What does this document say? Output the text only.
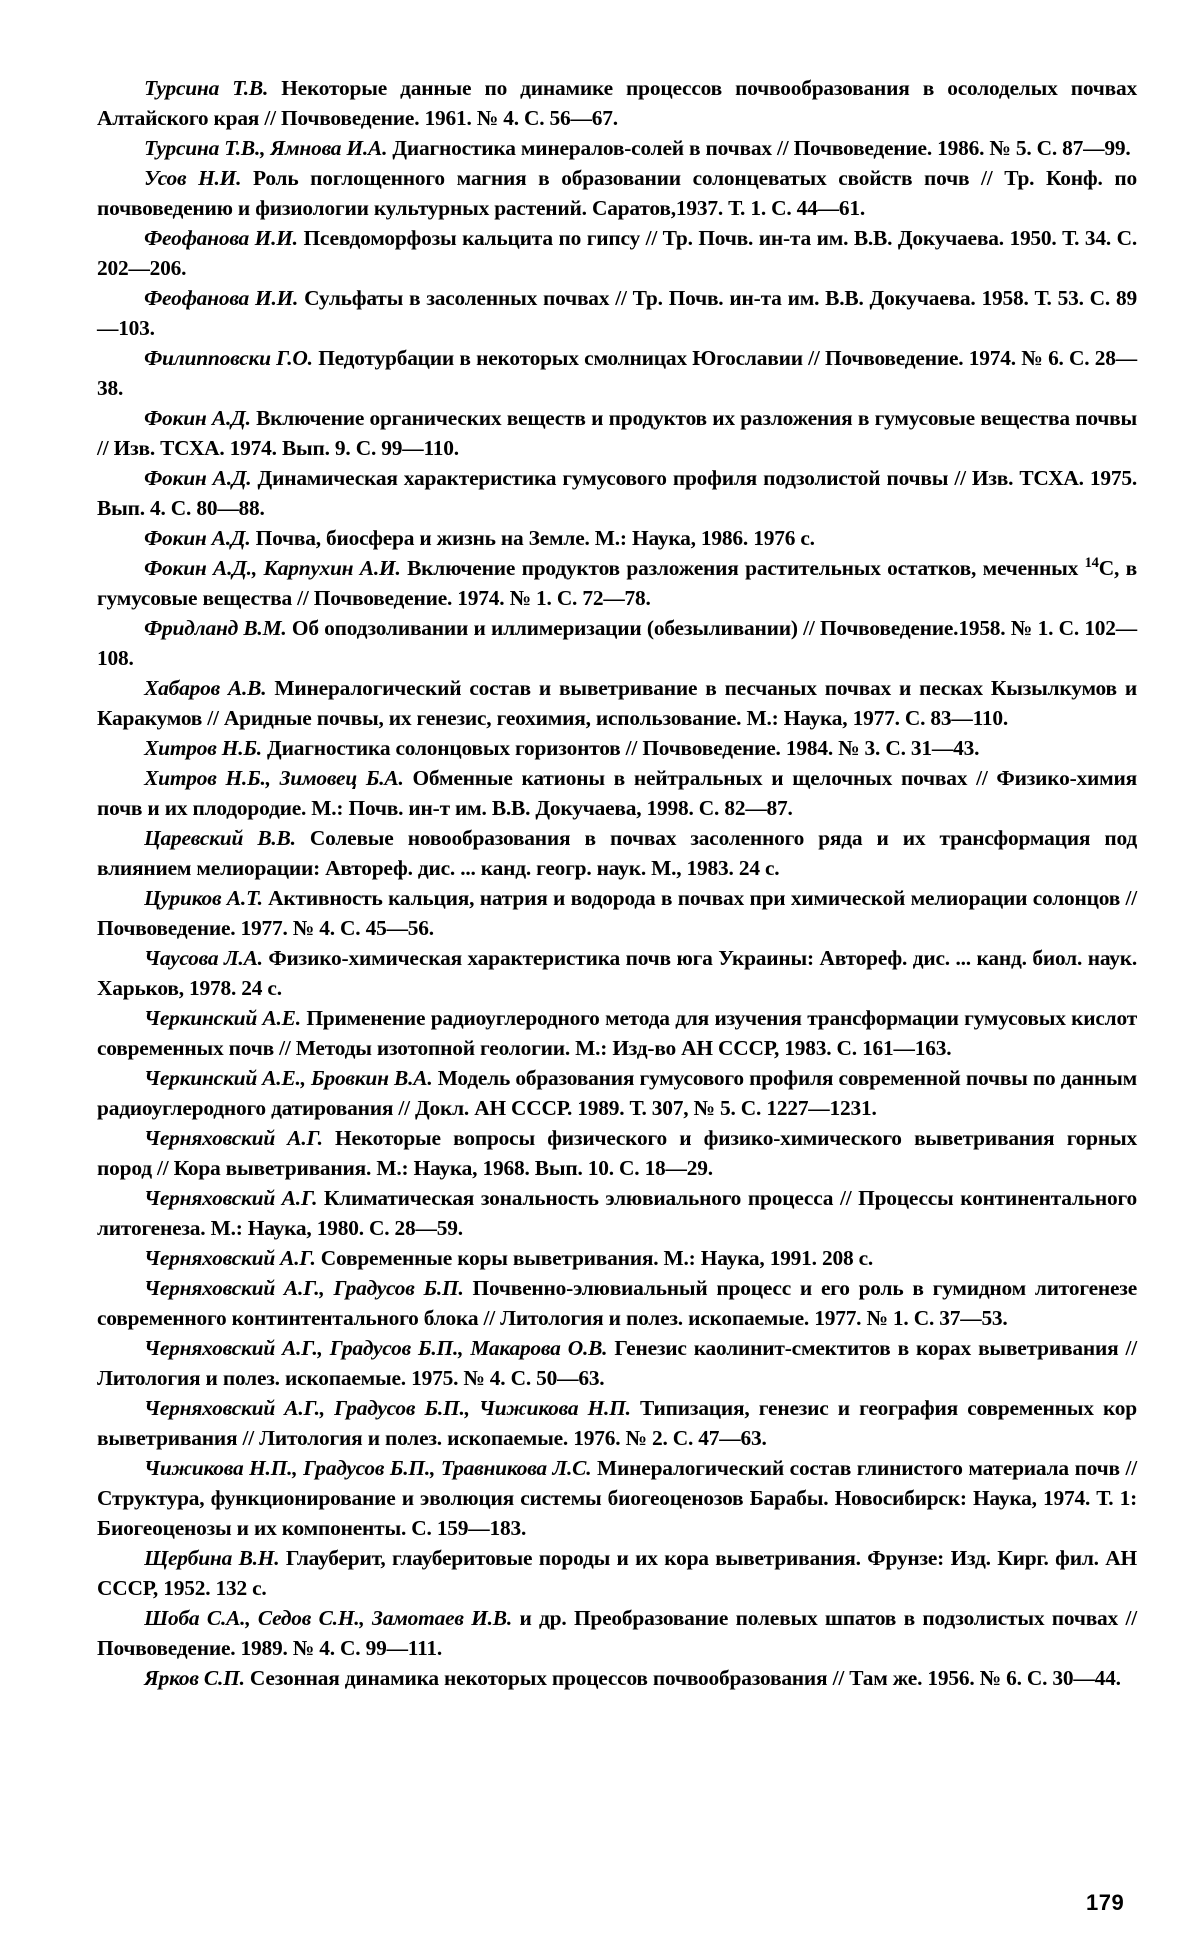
Турсина Т.В. Некоторые данные по динамике процессов почвообразования в осолоделых почвах Алтайского края // Почвоведение. 1961. № 4. С. 56—67.
Турсина Т.В., Ямнова И.А. Диагностика минералов-солей в почвах // Почвоведение. 1986. № 5. С. 87—99.
Усов Н.И. Роль поглощенного магния в образовании солонцеватых свойств почв // Тр. Конф. по почвоведению и физиологии культурных растений. Саратов,1937. Т. 1. С. 44—61.
Феофанова И.И. Псевдоморфозы кальцита по гипсу // Тр. Почв. ин-та им. В.В. Докучаева. 1950. Т. 34. С. 202—206.
Феофанова И.И. Сульфаты в засоленных почвах // Тр. Почв. ин-та им. В.В. Докучаева. 1958. Т. 53. С. 89—103.
Филипповски Г.О. Педотурбации в некоторых смолницах Югославии // Почвоведение. 1974. № 6. С. 28—38.
Фокин А.Д. Включение органических веществ и продуктов их разложения в гумусовые вещества почвы // Изв. ТСХА. 1974. Вып. 9. С. 99—110.
Фокин А.Д. Динамическая характеристика гумусового профиля подзолистой почвы // Изв. ТСХА. 1975. Вып. 4. С. 80—88.
Фокин А.Д. Почва, биосфера и жизнь на Земле. М.: Наука, 1986. 1976 с.
Фокин А.Д., Карпухин А.И. Включение продуктов разложения растительных остатков, меченных $^{14}$C, в гумусовые вещества // Почвоведение. 1974. № 1. С. 72—78.
Фридланд В.М. Об оподзоливании и иллимеризации (обезыливании) // Почвоведение.1958. № 1. С. 102—108.
Хабаров А.В. Минералогический состав и выветривание в песчаных почвах и песках Кызылкумов и Каракумов // Аридные почвы, их генезис, геохимия, использование. М.: Наука, 1977. С. 83—110.
Хитров Н.Б. Диагностика солонцовых горизонтов // Почвоведение. 1984. № 3. С. 31—43.
Хитров Н.Б., Зимовец Б.А. Обменные катионы в нейтральных и щелочных почвах // Физико-химия почв и их плодородие. М.: Почв. ин-т им. В.В. Докучаева, 1998. С. 82—87.
Царевский В.В. Солевые новообразования в почвах засоленного ряда и их трансформация под влиянием мелиорации: Автореф. дис. ... канд. геогр. наук. М., 1983. 24 с.
Цуриков А.Т. Активность кальция, натрия и водорода в почвах при химической мелиорации солонцов // Почвоведение. 1977. № 4. С. 45—56.
Чаусова Л.А. Физико-химическая характеристика почв юга Украины: Автореф. дис. ... канд. биол. наук. Харьков, 1978. 24 с.
Черкинский А.Е. Применение радиоуглеродного метода для изучения трансформации гумусовых кислот современных почв // Методы изотопной геологии. М.: Изд-во АН СССР, 1983. С. 161—163.
Черкинский А.Е., Бровкин В.А. Модель образования гумусового профиля современной почвы по данным радиоуглеродного датирования // Докл. АН СССР. 1989. Т. 307, № 5. С. 1227—1231.
Черняховский А.Г. Некоторые вопросы физического и физико-химического выветривания горных пород // Кора выветривания. М.: Наука, 1968. Вып. 10. С. 18—29.
Черняховский А.Г. Климатическая зональность элювиального процесса // Процессы континентального литогенеза. М.: Наука, 1980. С. 28—59.
Черняховский А.Г. Современные коры выветривания. М.: Наука, 1991. 208 с.
Черняховский А.Г., Градусов Б.П. Почвенно-элювиальный процесс и его роль в гумидном литогенезе современного континтентального блока // Литология и полез. ископаемые. 1977. № 1. С. 37—53.
Черняховский А.Г., Градусов Б.П., Макарова О.В. Генезис каолинит-смектитов в корах выветривания // Литология и полез. ископаемые. 1975. № 4. С. 50—63.
Черняховский А.Г., Градусов Б.П., Чижикова Н.П. Типизация, генезис и география современных кор выветривания // Литология и полез. ископаемые. 1976. № 2. С. 47—63.
Чижикова Н.П., Градусов Б.П., Травникова Л.С. Минералогический состав глинистого материала почв // Структура, функционирование и эволюция системы биогеоценозов Барабы. Новосибирск: Наука, 1974. Т. 1: Биогеоценозы и их компоненты. С. 159—183.
Щербина В.Н. Глауберит, глауберитовые породы и их кора выветривания. Фрунзе: Изд. Кирг. фил. АН СССР, 1952. 132 с.
Шоба С.А., Седов С.Н., Замотаев И.В. и др. Преобразование полевых шпатов в подзолистых почвах // Почвоведение. 1989. № 4. С. 99—111.
Ярков С.П. Сезонная динамика некоторых процессов почвообразования // Там же. 1956. № 6. С. 30—44.
179
